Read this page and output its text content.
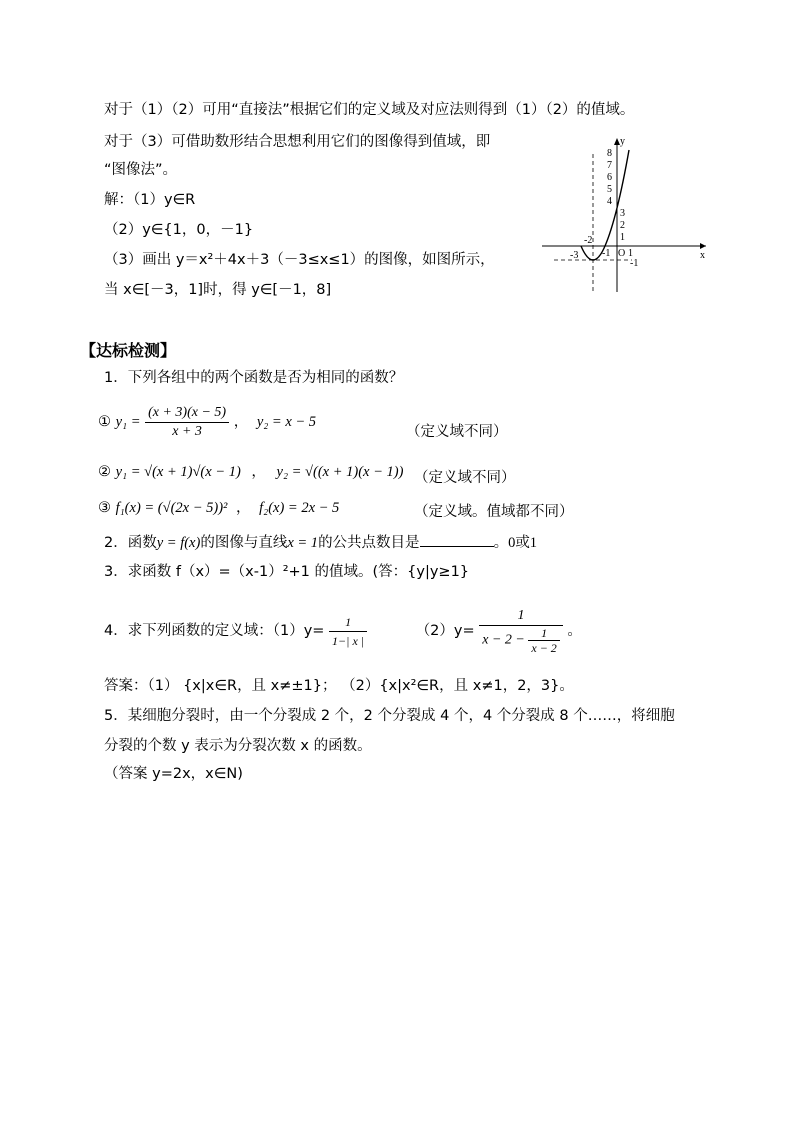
对于（1）（2）可用“直接法”根据它们的定义域及对应法则得到（1）（2）的值域。
对于（3）可借助数形结合思想利用它们的图像得到值域，即
“图像法”。
解：（1）y∈R
（2）y∈{1，0，－1}
（3）画出 y＝x²＋4x＋3（－3≤x≤1）的图像，如图所示，
当 x∈[－3，1]时，得 y∈[－1，8]
y
x
8
7
6
5
4
3
2
1
-1
-3
-2
-1 O 1
【达标检测】
1．下列各组中的两个函数是否为相同的函数？
① $y_1 = \frac{(x + 3)(x - 5)}{x + 3}$ ， y₂ = x − 5
（定义域不同）
② y₁ = √(x + 1)√(x − 1) ， y₂ = √((x + 1)(x − 1)) （定义域不同）
③ f₁(x) = (√(2x − 5))² ， f₂(x) = 2x − 5	（定义域。值域都不同）
2．函数y = f(x)的图像与直线x = 1的公共点数目是	。0或1
3．求函数 f（x）=（x-1）²+1 的值域。(答：{y|y≥1}
4．求下列函数的定义域：$(1)y= \frac{1}{1-| x |}$	$(2)y= \frac{1}{x - 2 - \frac{1}{x - 2}}$ 。
答案：（1） {x|x∈R，且 x≠±1}； （2）{x|x²∈R，且 x≠1，2，3}。
5．某细胞分裂时，由一个分裂成 2 个，2 个分裂成 4 个，4 个分裂成 8 个……，将细胞
分裂的个数 y 表示为分裂次数 x 的函数。
（答案 y=2x，x∈N)
